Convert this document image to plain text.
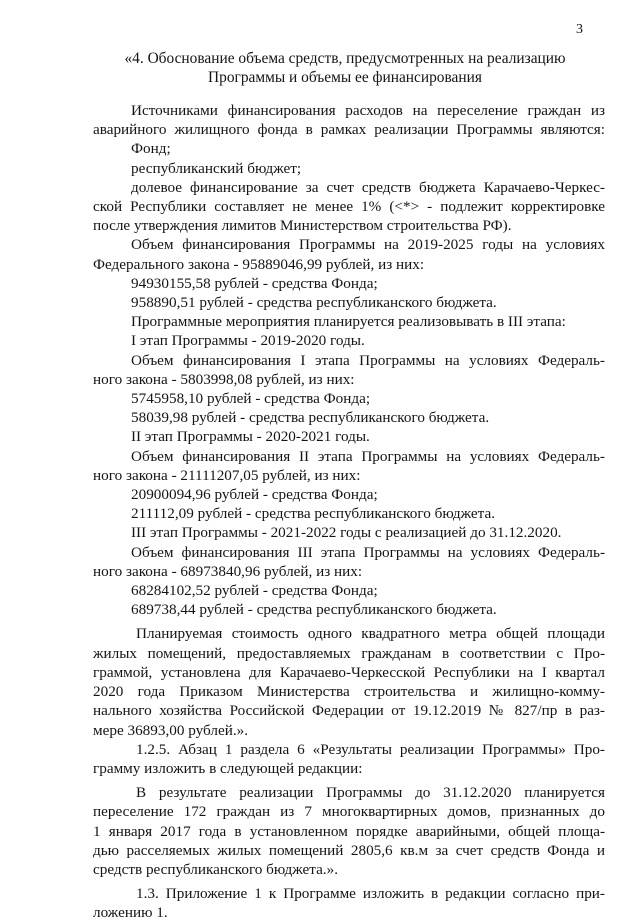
3
«4. Обоснование объема средств, предусмотренных на реализацию
Программы и объемы ее финансирования

Источниками финансирования расходов на переселение граждан из

аварийного жилищного фонда в рамках реализации Программы являются:

Фонд;

республиканский бюджет;

долевое финансирование за счет средств бюджета Карачаево-Черкес-

ской Республики составляет не менее 1% (<*> - подлежит корректировке

после утверждения лимитов Министерством строительства РФ).

Объем финансирования Программы на 2019-2025 годы на условиях

Федерального закона - 95889046,99 рублей, из них:

94930155,58 рублей - средства Фонда;

958890,51 рублей - средства республиканского бюджета.

Программные мероприятия планируется реализовывать в III этапа:

I этап Программы - 2019-2020 годы.

Объем финансирования I этапа Программы на условиях Федераль-

ного закона - 5803998,08 рублей, из них:

5745958,10 рублей - средства Фонда;

58039,98 рублей - средства республиканского бюджета.

II этап Программы - 2020-2021 годы.

Объем финансирования II этапа Программы на условиях Федераль-

ного закона - 21111207,05 рублей, из них:

20900094,96 рублей - средства Фонда;

211112,09 рублей - средства республиканского бюджета.

III этап Программы - 2021-2022 годы с реализацией до 31.12.2020.

Объем финансирования III этапа Программы на условиях Федераль-

ного закона - 68973840,96 рублей, из них:

68284102,52 рублей - средства Фонда;

689738,44 рублей - средства республиканского бюджета.

Планируемая стоимость одного квадратного метра общей площади

жилых помещений, предоставляемых гражданам в соответствии с Про-

граммой, установлена для Карачаево-Черкесской Республики на I квартал

2020 года Приказом Министерства строительства и жилищно-комму-

нального хозяйства Российской Федерации от 19.12.2019 № 827/пр в раз-

мере 36893,00 рублей.».

1.2.5. Абзац 1 раздела 6 «Результаты реализации Программы» Про-

грамму изложить в следующей редакции:

В результате реализации Программы до 31.12.2020 планируется

переселение 172 граждан из 7 многоквартирных домов, признанных до

1 января 2017 года в установленном порядке аварийными, общей площа-

дью расселяемых жилых помещений 2805,6 кв.м за счет средств Фонда и

средств республиканского бюджета.».

1.3. Приложение 1 к Программе изложить в редакции согласно при-

ложению 1.
